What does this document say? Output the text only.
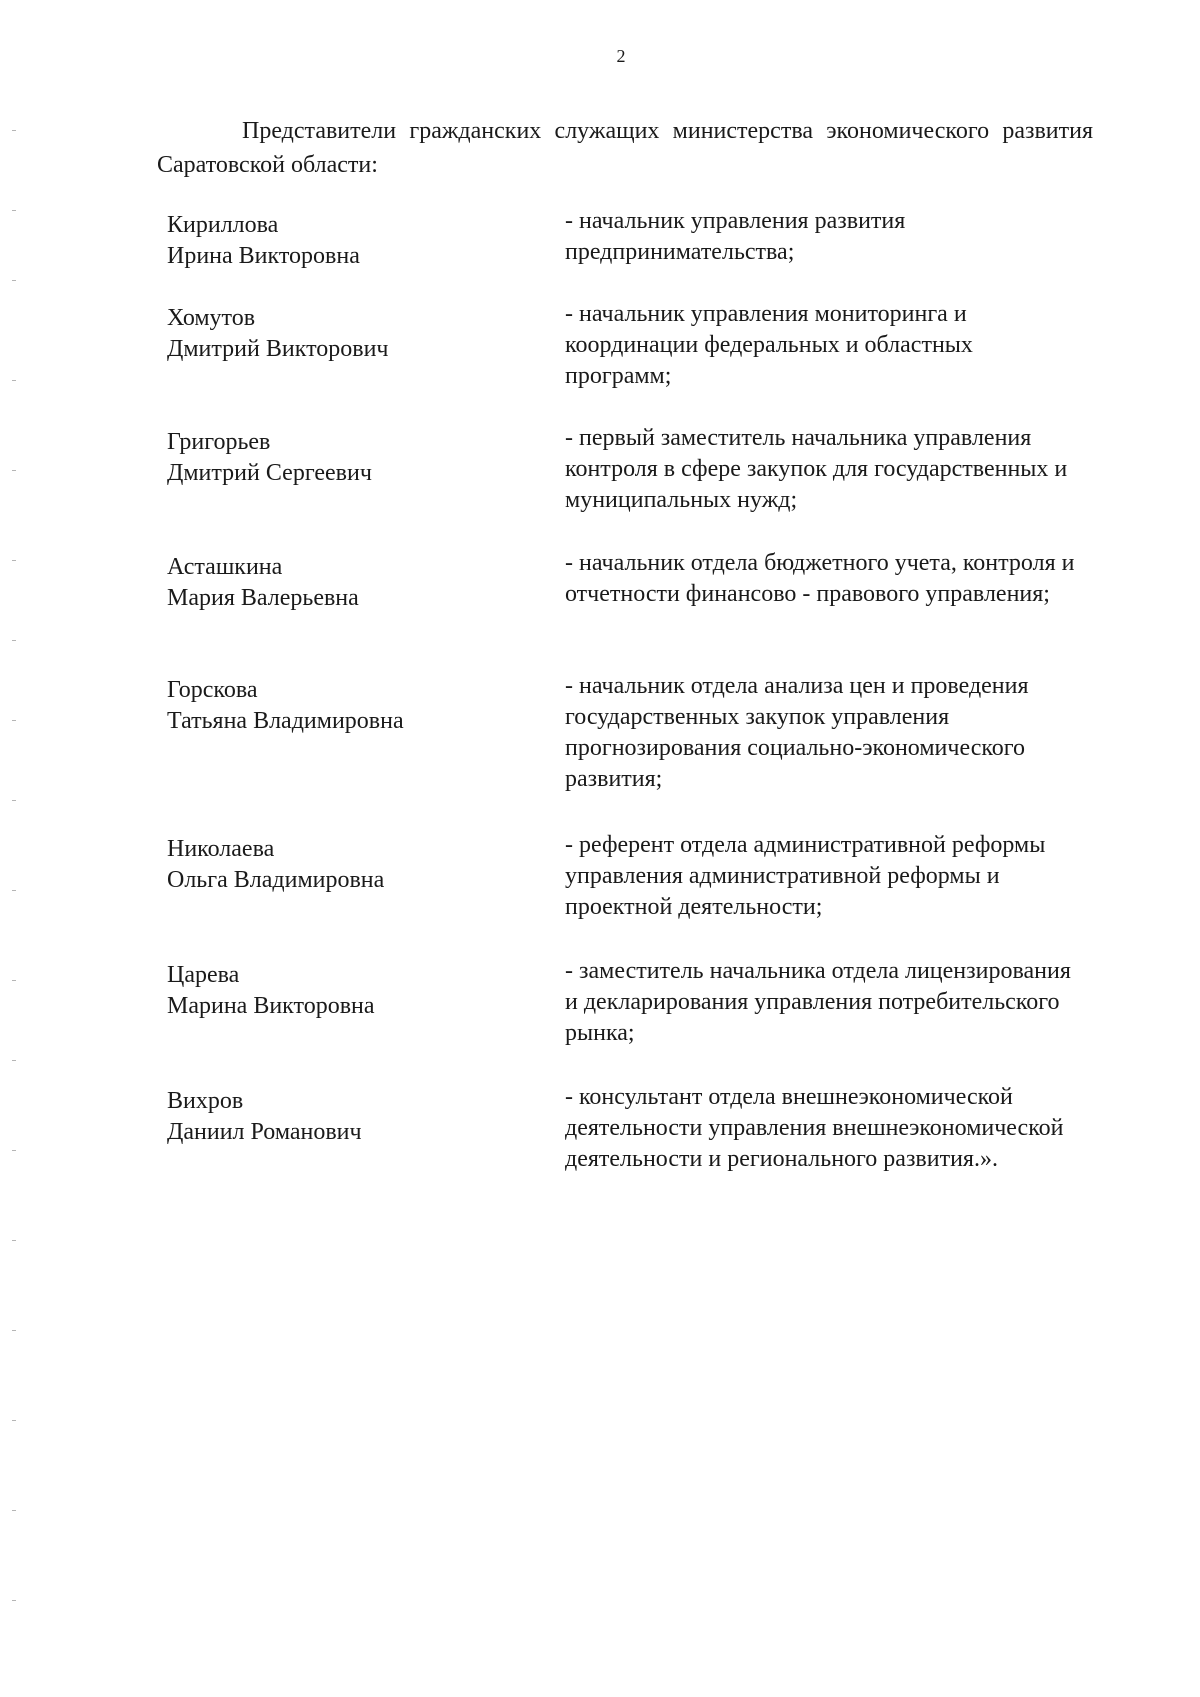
2
Представители гражданских служащих министерства экономического развития Саратовской области:
Кириллова
Ирина Викторовна
- начальник управления развития предпринимательства;
Хомутов
Дмитрий Викторович
- начальник управления мониторинга и координации федеральных и областных программ;
Григорьев
Дмитрий Сергеевич
- первый заместитель начальника управления контроля в сфере закупок для государственных и муниципальных нужд;
Асташкина
Мария Валерьевна
- начальник отдела бюджетного учета, контроля и отчетности финансово - правового управления;
Горскова
Татьяна Владимировна
- начальник отдела анализа цен и проведения государственных закупок управления прогнозирования социально-экономического развития;
Николаева
Ольга Владимировна
- референт отдела административной реформы управления административной реформы и проектной деятельности;
Царева
Марина Викторовна
- заместитель начальника отдела лицензирования и декларирования управления потребительского рынка;
Вихров
Даниил Романович
- консультант отдела внешнеэкономической деятельности управления внешнеэкономической деятельности и регионального развития.».
